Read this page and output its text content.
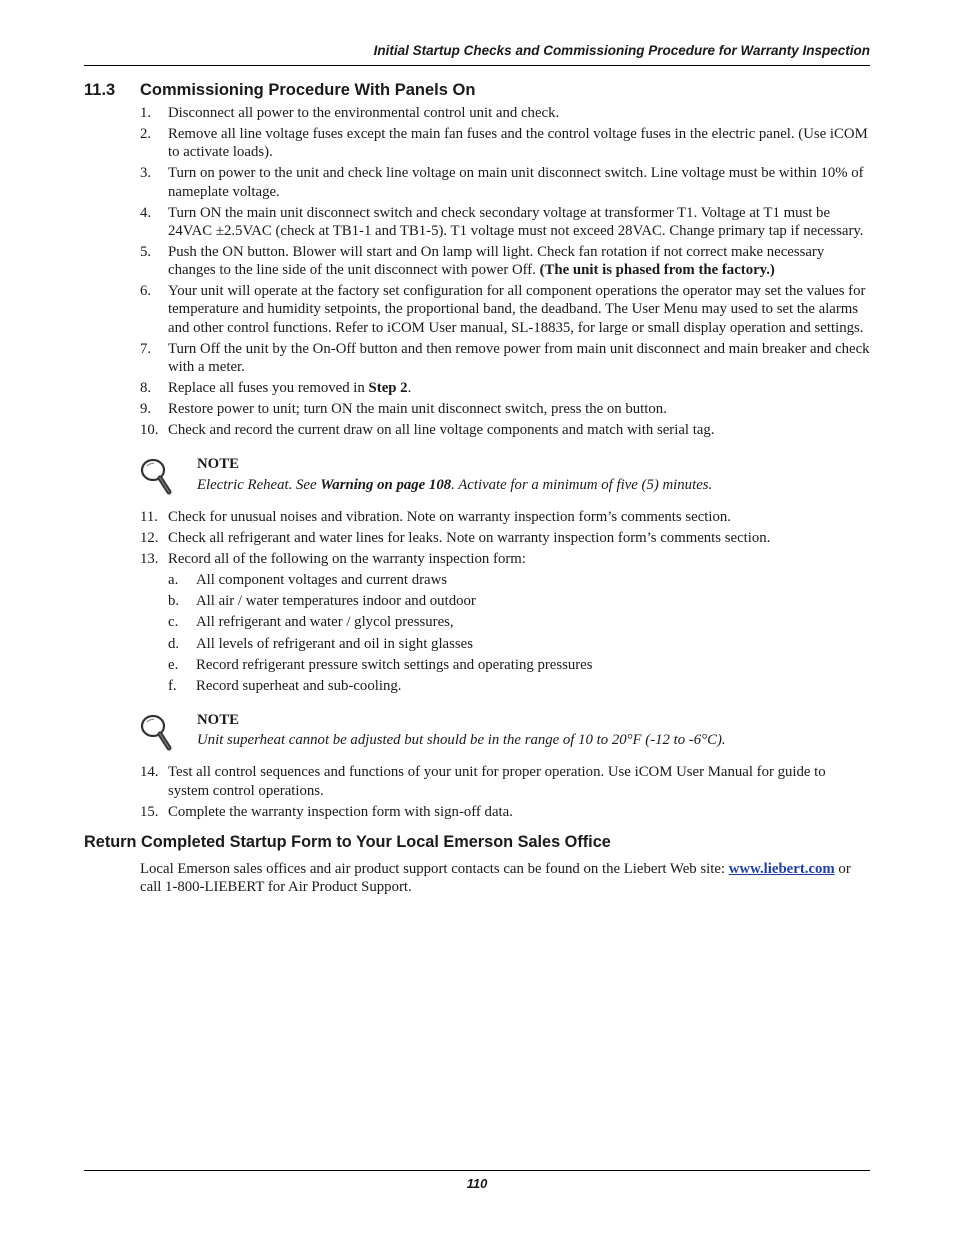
Initial Startup Checks and Commissioning Procedure for Warranty Inspection
11.3 Commissioning Procedure With Panels On
1. Disconnect all power to the environmental control unit and check.
2. Remove all line voltage fuses except the main fan fuses and the control voltage fuses in the electric panel. (Use iCOM to activate loads).
3. Turn on power to the unit and check line voltage on main unit disconnect switch. Line voltage must be within 10% of nameplate voltage.
4. Turn ON the main unit disconnect switch and check secondary voltage at transformer T1. Voltage at T1 must be 24VAC ±2.5VAC (check at TB1-1 and TB1-5). T1 voltage must not exceed 28VAC. Change primary tap if necessary.
5. Push the ON button. Blower will start and On lamp will light. Check fan rotation if not correct make necessary changes to the line side of the unit disconnect with power Off. (The unit is phased from the factory.)
6. Your unit will operate at the factory set configuration for all component operations the operator may set the values for temperature and humidity setpoints, the proportional band, the deadband. The User Menu may used to set the alarms and other control functions. Refer to iCOM User manual, SL-18835, for large or small display operation and settings.
7. Turn Off the unit by the On-Off button and then remove power from main unit disconnect and main breaker and check with a meter.
8. Replace all fuses you removed in Step 2.
9. Restore power to unit; turn ON the main unit disconnect switch, press the on button.
10. Check and record the current draw on all line voltage components and match with serial tag.
NOTE
Electric Reheat. See Warning on page 108. Activate for a minimum of five (5) minutes.
11. Check for unusual noises and vibration. Note on warranty inspection form’s comments section.
12. Check all refrigerant and water lines for leaks. Note on warranty inspection form’s comments section.
13. Record all of the following on the warranty inspection form:
a. All component voltages and current draws
b. All air / water temperatures indoor and outdoor
c. All refrigerant and water / glycol pressures,
d. All levels of refrigerant and oil in sight glasses
e. Record refrigerant pressure switch settings and operating pressures
f. Record superheat and sub-cooling.
NOTE
Unit superheat cannot be adjusted but should be in the range of 10 to 20°F (-12 to -6°C).
14. Test all control sequences and functions of your unit for proper operation. Use iCOM User Manual for guide to system control operations.
15. Complete the warranty inspection form with sign-off data.
Return Completed Startup Form to Your Local Emerson Sales Office
Local Emerson sales offices and air product support contacts can be found on the Liebert Web site: www.liebert.com or call 1-800-LIEBERT for Air Product Support.
110
